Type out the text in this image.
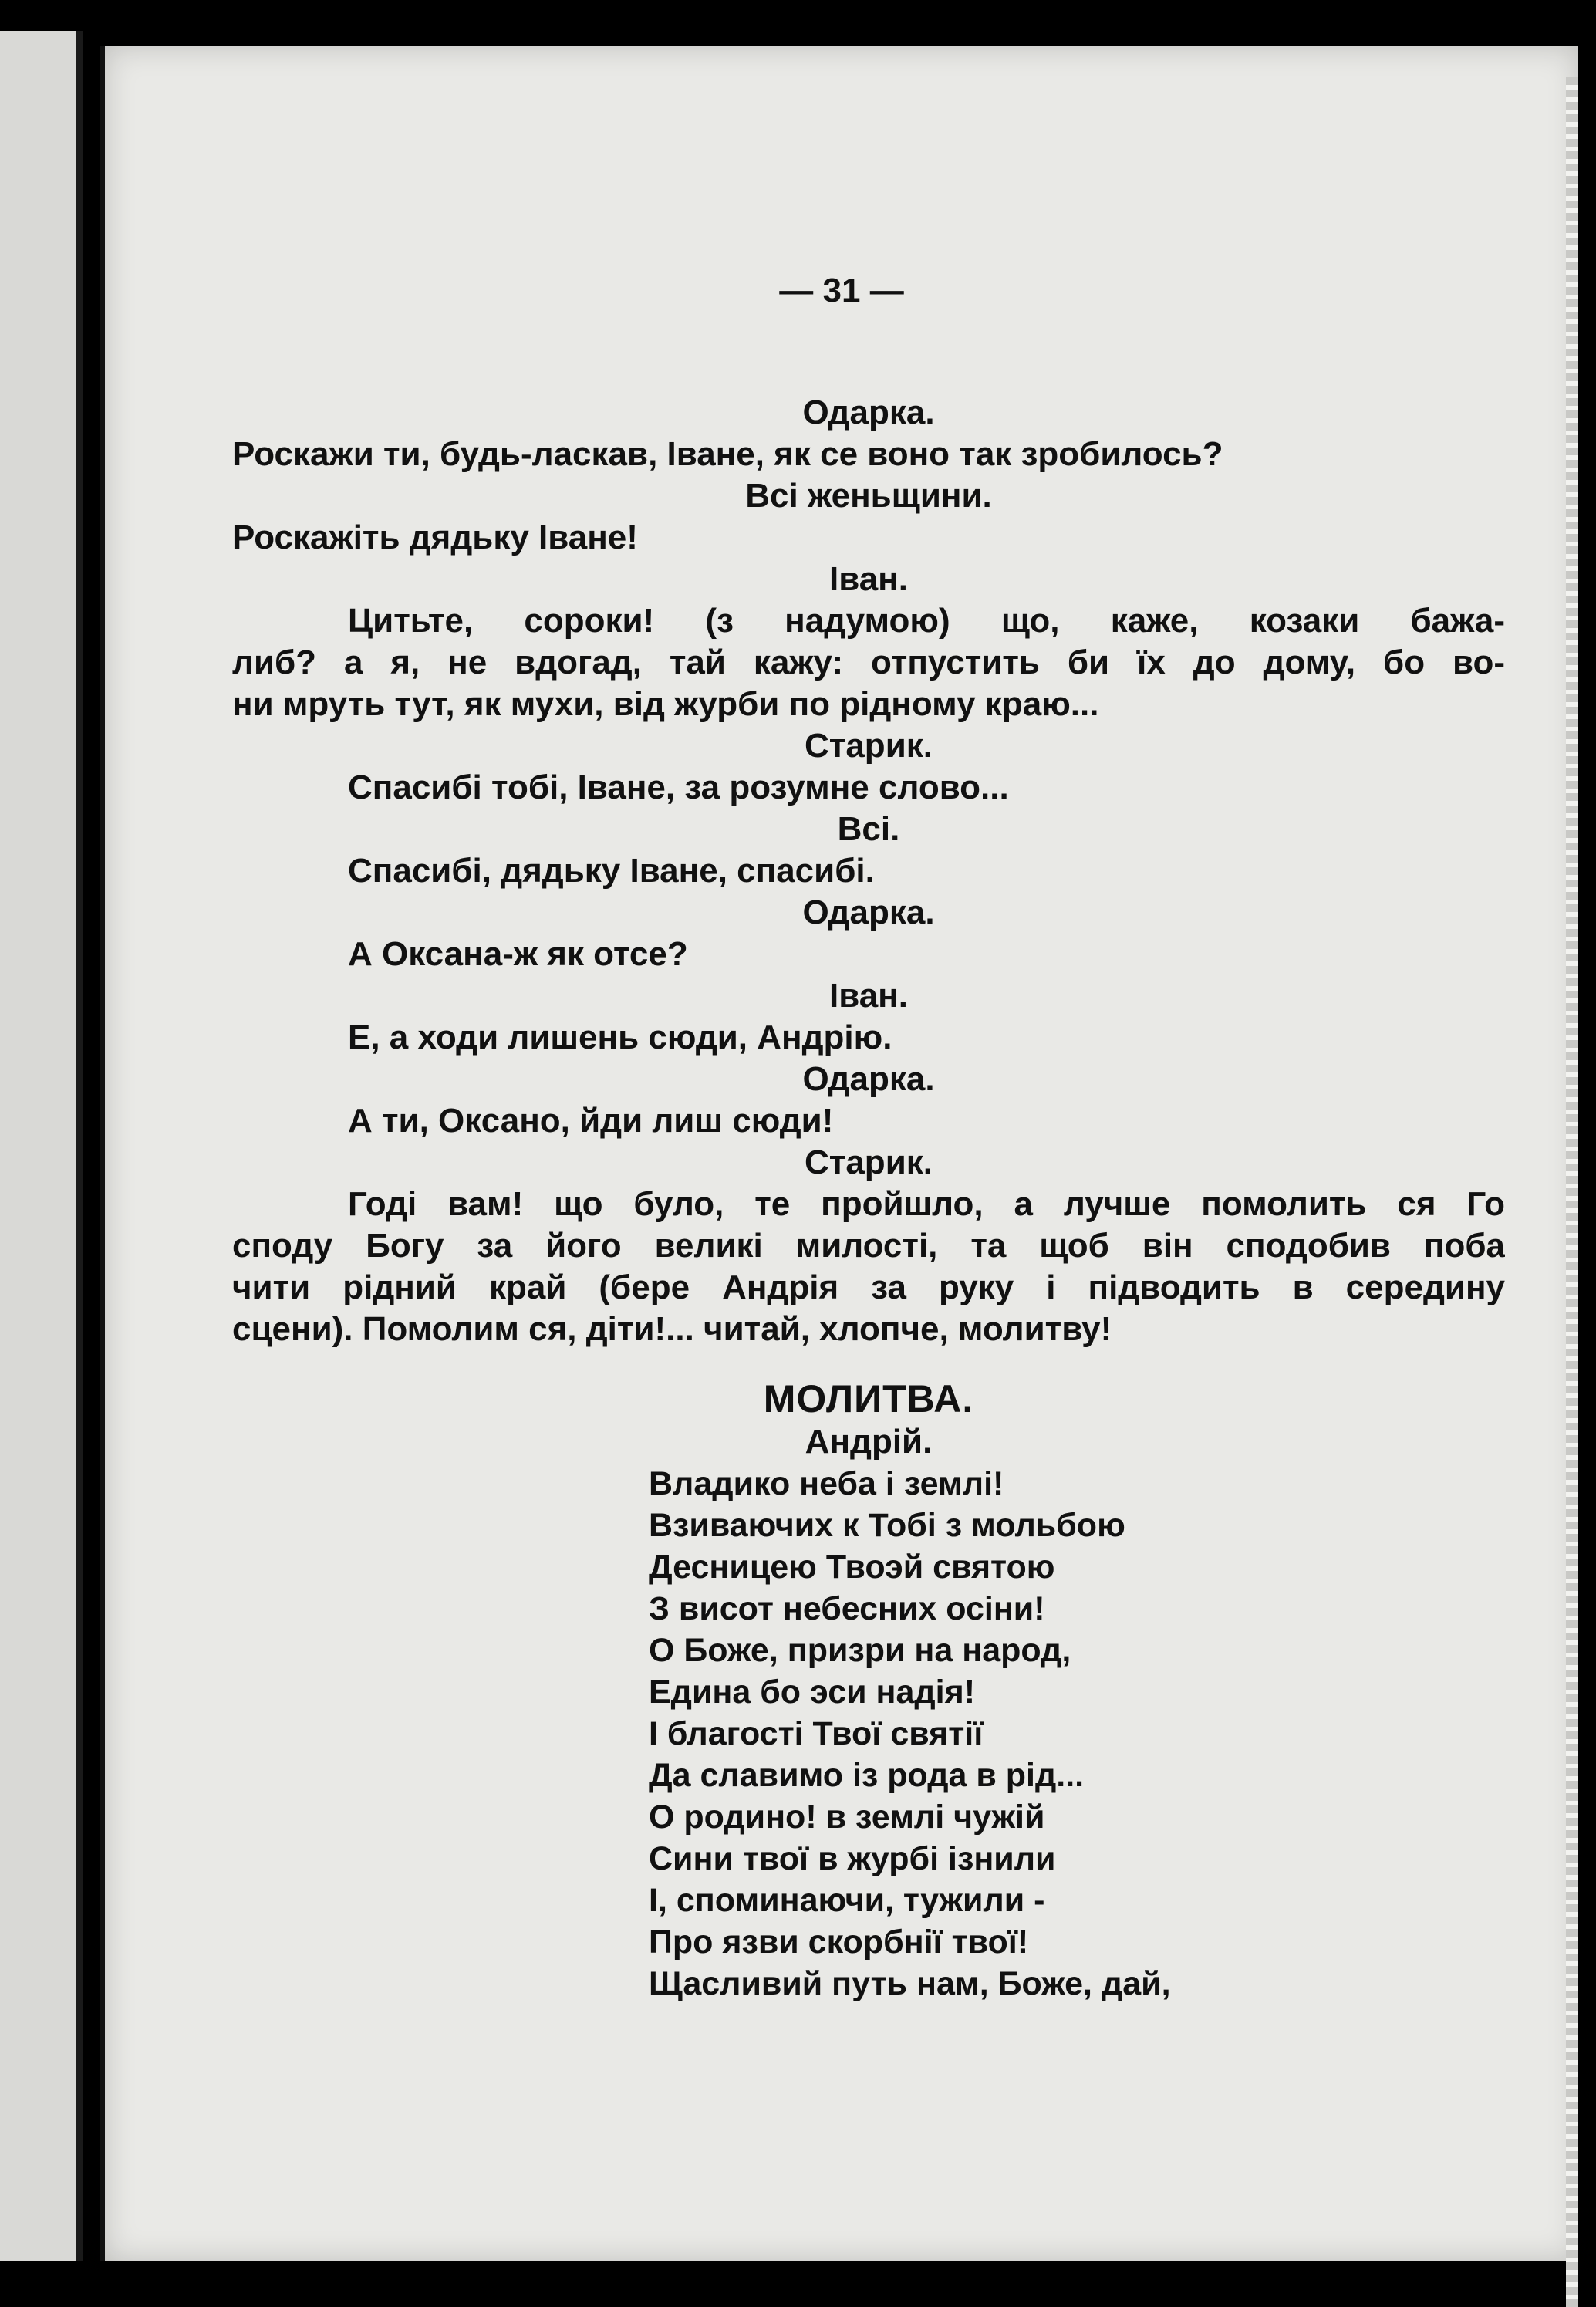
— 31 —
Одарка.
Роскажи ти, будь-ласкав, Іване, як се воно так зробилось?
Всі женьщини.
Роскажіть дядьку Іване!
Іван.
Цитьте, сороки! (з надумою) що, каже, козаки бажа-
либ? а я, не вдогад, тай кажу: отпустить би їх до дому, бо во-
ни мруть тут, як мухи, від журби по рідному краю...
Старик.
Спасибі тобі, Іване, за розумне слово...
Всі.
Спасибі, дядьку Іване, спасибі.
Одарка.
А Оксана-ж як отсе?
Іван.
Е, а ходи лишень сюди, Андрію.
Одарка.
А ти, Оксано, йди лиш сюди!
Старик.
Годі вам! що було, те пройшло, а лучше помолить ся Го
споду Богу за його великі милості, та щоб він сподобив поба
чити рідний край (бере Андрія за руку і підводить в середину
сцени). Помолим ся, діти!... читай, хлопче, молитву!
МОЛИТВА.
Андрій.
Владико неба і землі!
Взиваючих к Тобі з мольбою
Десницею Твоэй святою
З висот небесних осіни!
О Боже, призри на народ,
Едина бо эси надія!
І благості Твої святії
Да славимо із рода в рід...
О родино! в землі чужій
Сини твої в журбі ізнили
І, споминаючи, тужили -
Про язви скорбнії твої!
Щасливий путь нам, Боже, дай,
